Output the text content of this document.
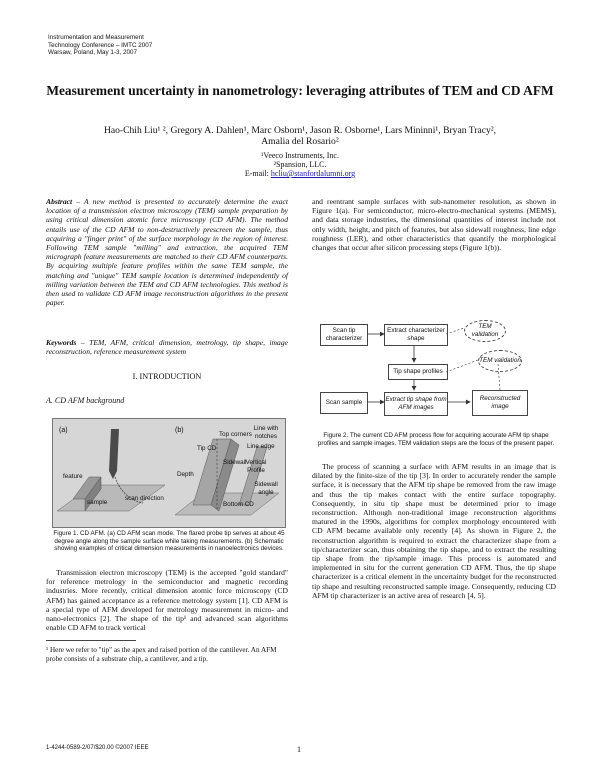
Instrumentation and Measurement
Technology Conference – IMTC 2007
Warsaw, Poland, May 1-3, 2007
Measurement uncertainty in nanometrology: leveraging attributes of TEM and CD AFM
Hao-Chih Liu¹ ², Gregory A. Dahlen¹, Marc Osborn¹, Jason R. Osborne¹, Lars Mininni¹, Bryan Tracy²,
Amalia del Rosario²
¹Veeco Instruments, Inc.
²Spansion, LLC.
E-mail: hcliu@stanfordalumni.org
Abstract – A new method is presented to accurately determine the exact location of a transmission electron microscopy (TEM) sample preparation by using critical dimension atomic force microscopy (CD AFM). The method entails use of the CD AFM to non-destructively prescreen the sample, thus acquiring a "finger print" of the surface morphology in the region of interest. Following TEM sample "milling" and extraction, the acquired TEM micrograph feature measurements are matched to their CD AFM counterparts. By acquiring multiple feature profiles within the same TEM sample, the matching and "unique" TEM sample location is determined independently of milling variation between the TEM and CD AFM technologies. This method is then used to validate CD AFM image reconstruction algorithms in the present paper.
Keywords – TEM, AFM, critical dimension, metrology, tip shape, image reconstruction, reference measurement system
I. INTRODUCTION
A. CD AFM background
(a)	(b)
feature
sample
scan direction
Tip CD
Line with notches
Line edge
Top corners
Sidewall Vertical Profile
Sidewall angle
Bottom CD
Depth
Figure 1. CD AFM. (a) CD AFM scan mode. The flared probe tip serves at about 45 degree angle along the sample surface while taking measurements. (b) Schematic showing examples of critical dimension measurements in nanoelectronics devices.
Transmission electron microscopy (TEM) is the accepted "gold standard" for reference metrology in the semiconductor and magnetic recording industries. More recently, critical dimension atomic force microscopy (CD AFM) has gained acceptance as a reference metrology system [1]. CD AFM is a special type of AFM developed for metrology measurement in micro- and nano-electronics [2]. The shape of the tip¹ and advanced scan algorithms enable CD AFM to track vertical
¹ Here we refer to "tip" as the apex and raised portion of the cantilever. An AFM probe consists of a substrate chip, a cantilever, and a tip.
and reentrant sample surfaces with sub-nanometer resolution, as shown in Figure 1(a). For semiconductor, micro-electro-mechanical systems (MEMS), and data storage industries, the dimensional quantities of interest include not only width, height, and pitch of features, but also sidewall roughness, line edge roughness (LER), and other characteristics that quantify the morphological changes that occur after silicon processing steps (Figure 1(b)).
Scan tip characterizer
Extract characterizer shape
Tip shape profiles
Scan sample	Extract tip shape from AFM images
Reconstructed image
TEM validation
TEM validation
Figure 2. The current CD AFM process flow for acquiring accurate AFM tip shape profiles and sample images. TEM validation steps are the focus of the present paper.
The process of scanning a surface with AFM results in an image that is dilated by the finite-size of the tip [3]. In order to accurately render the sample surface, it is necessary that the AFM tip shape be removed from the raw image and thus the tip makes contact with the entire surface topography. Consequently, in situ tip shape must be determined prior to image reconstruction. Although non-traditional image reconstruction algorithms matured in the 1990s, algorithms for complex morphology encountered with CD AFM became available only recently [4]. As shown in Figure 2, the reconstruction algorithm is required to extract the characterizer shape from a tip/characterizer scan, thus obtaining the tip shape, and to extract the resulting tip shape from the tip/sample image. This process is automated and implemented in situ for the current generation CD AFM. Thus, the tip shape characterizer is a critical element in the uncertainty budget for the reconstructed tip shape and resulting reconstructed sample image. Consequently, reducing CD AFM tip characterizer is an active area of research [4, 5].
1-4244-0589-2/07/$20.00 ©2007 IEEE	1
